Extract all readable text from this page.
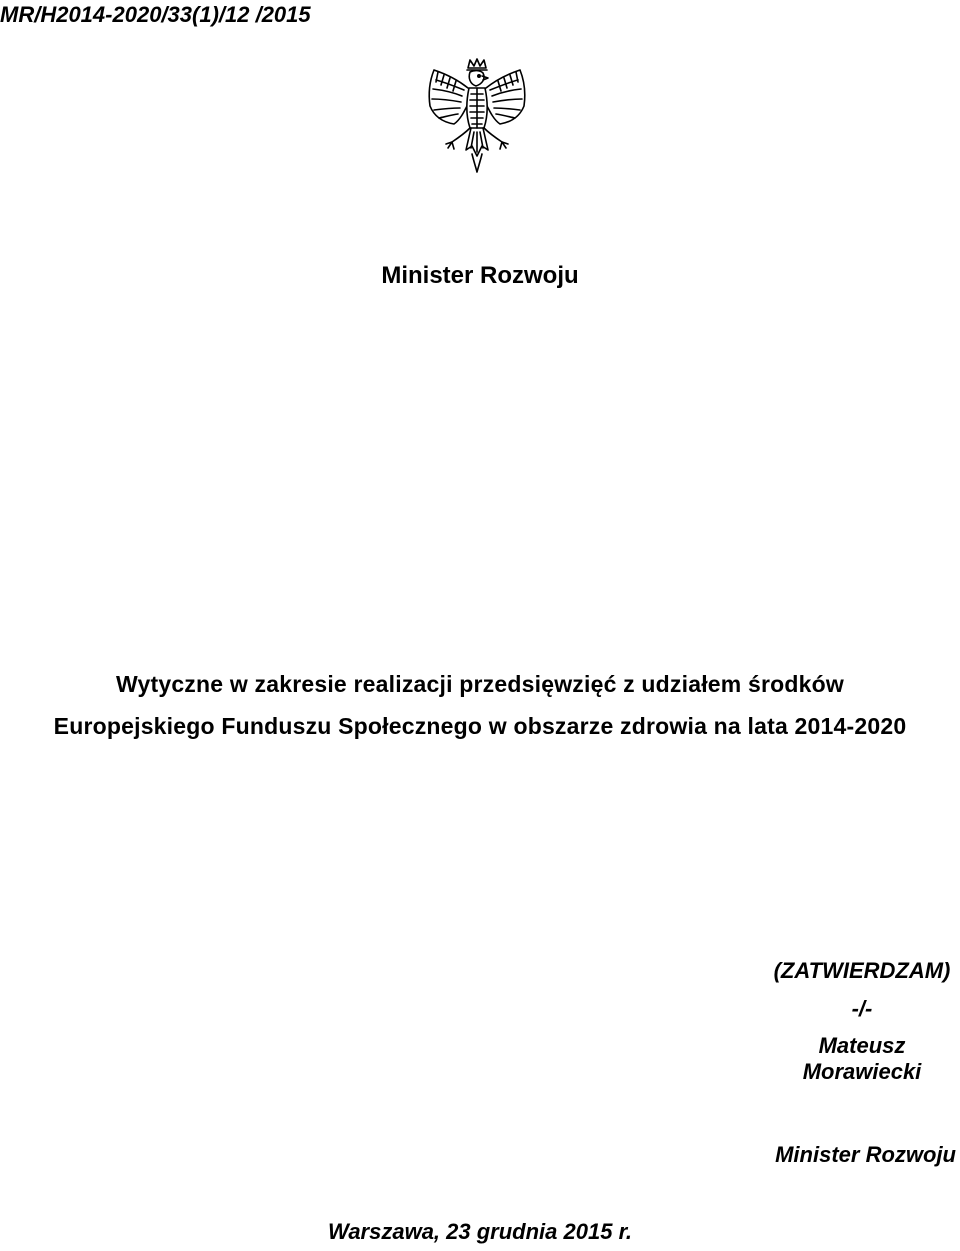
MR/H2014-2020/33(1)/12 /2015
Minister Rozwoju
Wytyczne w zakresie realizacji przedsięwzięć z udziałem środków
Europejskiego Funduszu Społecznego w obszarze zdrowia na lata 2014-2020
(ZATWIERDZAM)
-/-
Mateusz
Morawiecki
Minister Rozwoju
Warszawa, 23 grudnia 2015 r.
